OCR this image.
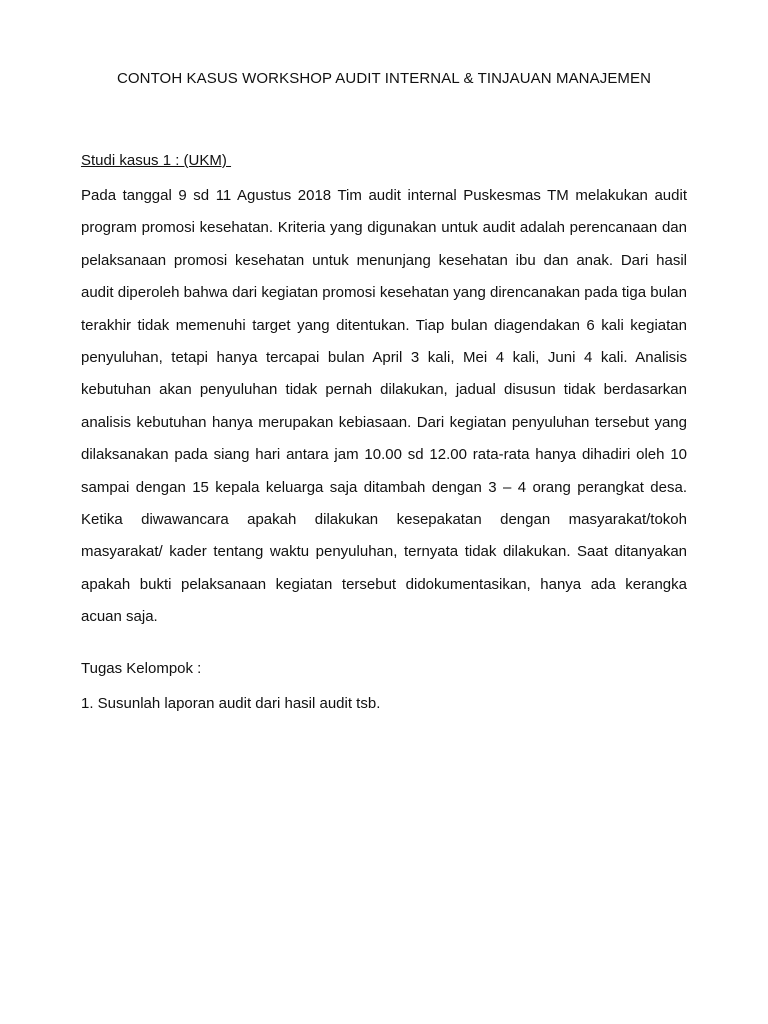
CONTOH KASUS WORKSHOP AUDIT INTERNAL & TINJAUAN MANAJEMEN

Studi kasus 1 : (UKM)

Pada tanggal 9 sd 11 Agustus 2018 Tim audit internal Puskesmas TM melakukan audit program promosi kesehatan. Kriteria yang digunakan untuk audit adalah perencanaan dan pelaksanaan promosi kesehatan untuk menunjang kesehatan ibu dan anak. Dari hasil audit diperoleh bahwa dari kegiatan promosi kesehatan yang direncanakan pada tiga bulan terakhir tidak memenuhi target yang ditentukan. Tiap bulan diagendakan 6 kali kegiatan penyuluhan, tetapi hanya tercapai bulan April 3 kali, Mei 4 kali, Juni 4 kali. Analisis kebutuhan akan penyuluhan tidak pernah dilakukan, jadual disusun tidak berdasarkan analisis kebutuhan hanya merupakan kebiasaan. Dari kegiatan penyuluhan tersebut yang dilaksanakan pada siang hari antara jam 10.00 sd 12.00 rata-rata hanya dihadiri oleh 10 sampai dengan 15 kepala keluarga saja ditambah dengan 3 – 4 orang perangkat desa. Ketika diwawancara apakah dilakukan kesepakatan dengan masyarakat/tokoh masyarakat/ kader tentang waktu penyuluhan, ternyata tidak dilakukan. Saat ditanyakan apakah bukti pelaksanaan kegiatan tersebut didokumentasikan, hanya ada kerangka acuan saja.

Tugas Kelompok :

1. Susunlah laporan audit dari hasil audit tsb.
